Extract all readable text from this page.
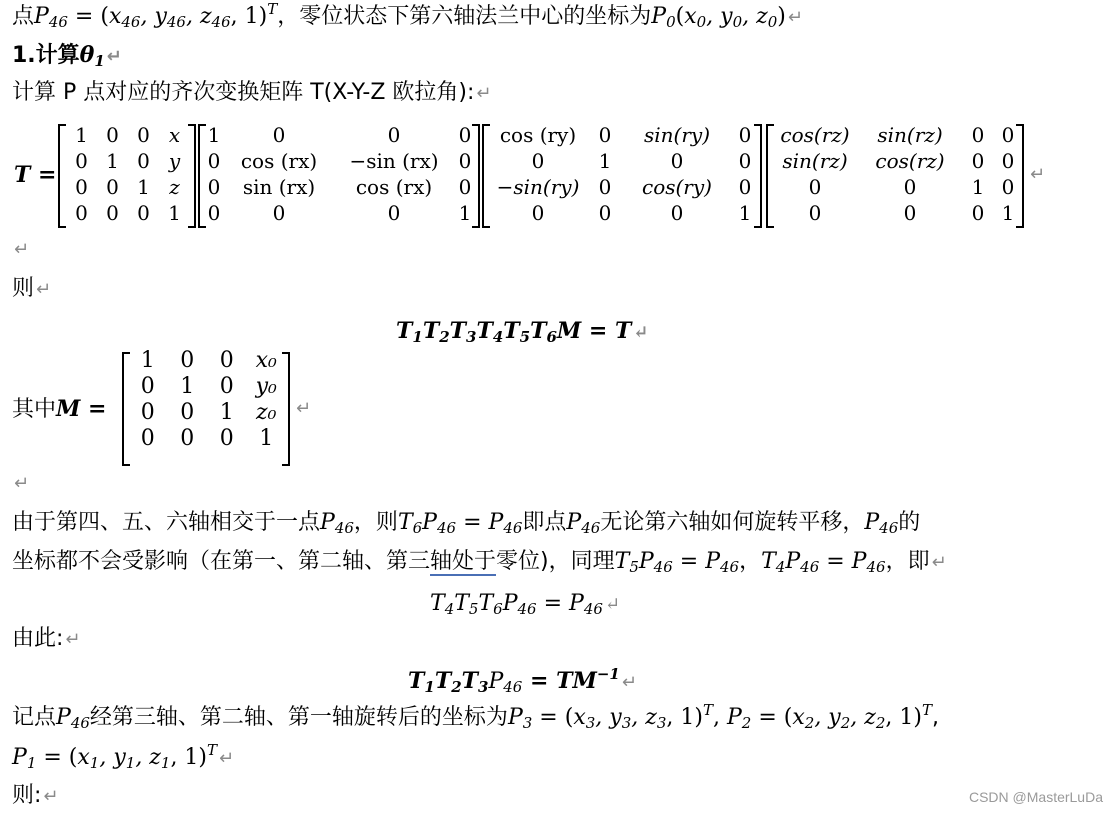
点$P_{46} = (x_{46}$, $y_{46}$, $z_{46}$, 1)$^T$，零位状态下第六轴法兰中心的坐标为$P_0(x_0$, $y_0$, $z_0$) ↵
1.计算$\theta_1$ ↵
计算 P 点对应的齐次变换矩阵 T(X-Y-Z 欧拉角): ↵
T =
1 0 0 x
0 1 0 y
0 0 1 z
0 0 0 1
1	0	0	0
0 cos (rx) −sin (rx) 0
0 sin (rx) cos (rx) 0
0	0	0	1
cos (ry) 0 sin(ry) 0
0	1	0	0
−sin(ry) 0 cos(ry) 0
0	0	0	1
cos(rz) sin(rz) 0 0
sin(rz) cos(rz) 0 0
0	0	1 0
0	0	0 1
↵
↵
则 ↵
$T_1T_2T_3T_4T_5T_6M = T$ ↵
其中M =
1 0 0 x₀
0 1 0 y₀
0 0 1 z₀
0 0 0 1
↵
↵
由于第四、五、六轴相交于一点$P_{46}$，则$T_6P_{46} = P_{46}$即点$P_{46}$无论第六轴如何旋转平移，$P_{46}$的
坐标都不会受影响（在第一、第二轴、第三轴处于零位)，同理$T_5P_{46} = P_{46}$，$T_4P_{46} = P_{46}$，即 ↵
$T_4T_5T_6P_{46} = P_{46}$ ↵
由此: ↵
$T_1T_2T_3P_{46} = TM^{-1}$ ↵
记点$P_{46}$经第三轴、第二轴、第一轴旋转后的坐标为$P_3 = (x_3$, $y_3$, $z_3$, 1)$^T$, $P_2 = (x_2$, $y_2$, $z_2$, 1)$^T$,
$P_1 = (x_1$, $y_1$, $z_1$, 1)$^T$ ↵
则: ↵	CSDN @MasterLuDa
